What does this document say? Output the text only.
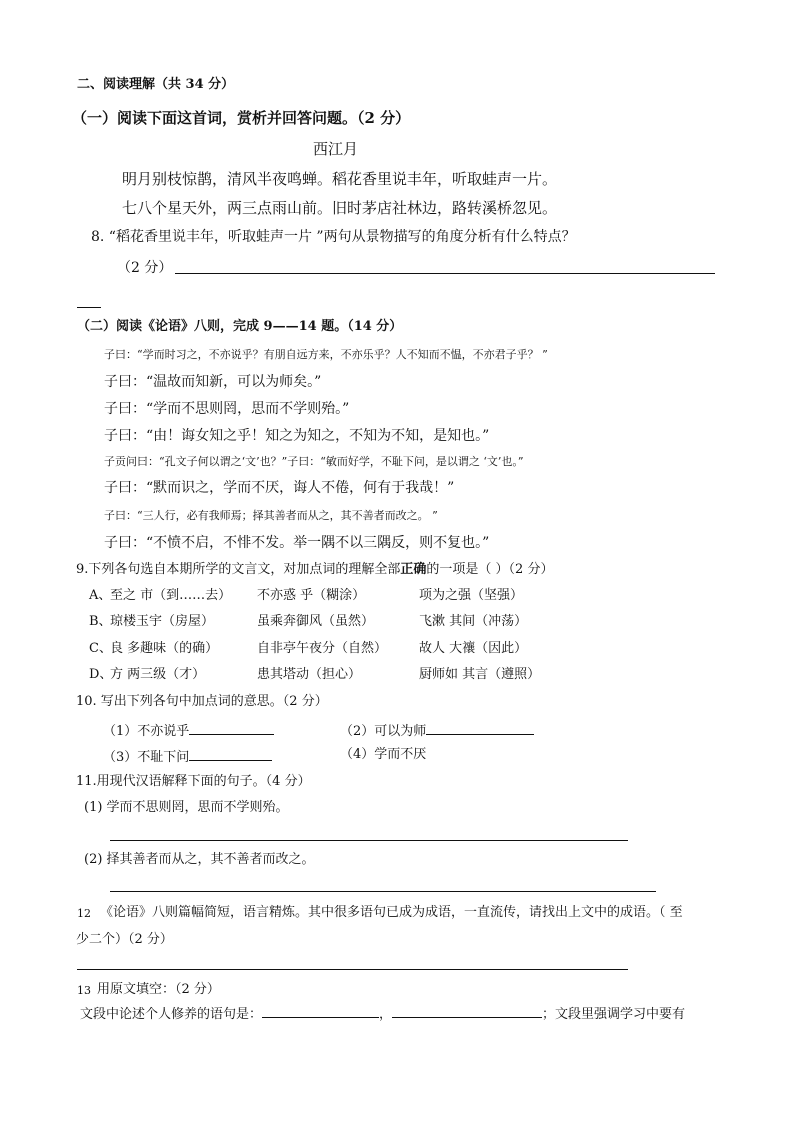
二、阅读理解（共 34 分）
（一）阅读下面这首词，赏析并回答问题。（2 分）
西江月
明月别枝惊鹊，清风半夜鸣蝉。稻花香里说丰年，听取蛙声一片。
七八个星天外，两三点雨山前。旧时茅店社林边，路转溪桥忽见。
8. “稻花香里说丰年，听取蛙声一片 ”两句从景物描写的角度分析有什么特点？
（2 分）
（二）阅读《论语》八则，完成 9——14 题。（14 分）
子曰：“学而时习之，不亦说乎？有朋自远方来，不亦乐乎？人不知而不愠，不亦君子乎？ ”
子曰：“温故而知新，可以为师矣。”
子曰：“学而不思则罔，思而不学则殆。”
子曰：“由！诲女知之乎！知之为知之，不知为不知，是知也。”
子贡问曰：“孔文子何以谓之‘文’也？”子曰：“敏而好学，不耻下问，是以谓之 ‘文’也。”
子曰：“默而识之，学而不厌，诲人不倦，何有于我哉！”
子曰：“三人行，必有我师焉；择其善者而从之，其不善者而改之。 ”
子曰：“不愤不启，不悱不发。举一隅不以三隅反，则不复也。”
9.下列各句选自本期所学的文言文，对加点词的理解全部正确的一项是（ ）（2 分）
A、
至之 市（到……去） 不亦惑 乎（糊涂）	项为之强（坚强）
B、
琼楼玉宇（房屋）	虽乘奔御风（虽然）	飞漱 其间（冲荡）
C、
良 多趣味（的确）	自非亭午夜分（自然） 故人 大禳（因此）
D、
方 两三级（才）	患其塔动（担心）	厨师如 其言（遵照）
10. 写出下列各句中加点词的意思。（2 分）
（1）不亦说乎	（2）可以为师
（3）不耻下问	（4）学而不厌
11.用现代汉语解释下面的句子。（4 分）
(1) 学而不思则罔，思而不学则殆。
(2) 择其善者而从之，其不善者而改之。
12 《论语》八则篇幅简短，语言精炼。其中很多语句已成为成语，一直流传，请找出上文中的成语。（ 至
少二个）（2 分）
13 用原文填空：（2 分）
文段中论述个人修养的语句是：	，	；文段里强调学习中要有
